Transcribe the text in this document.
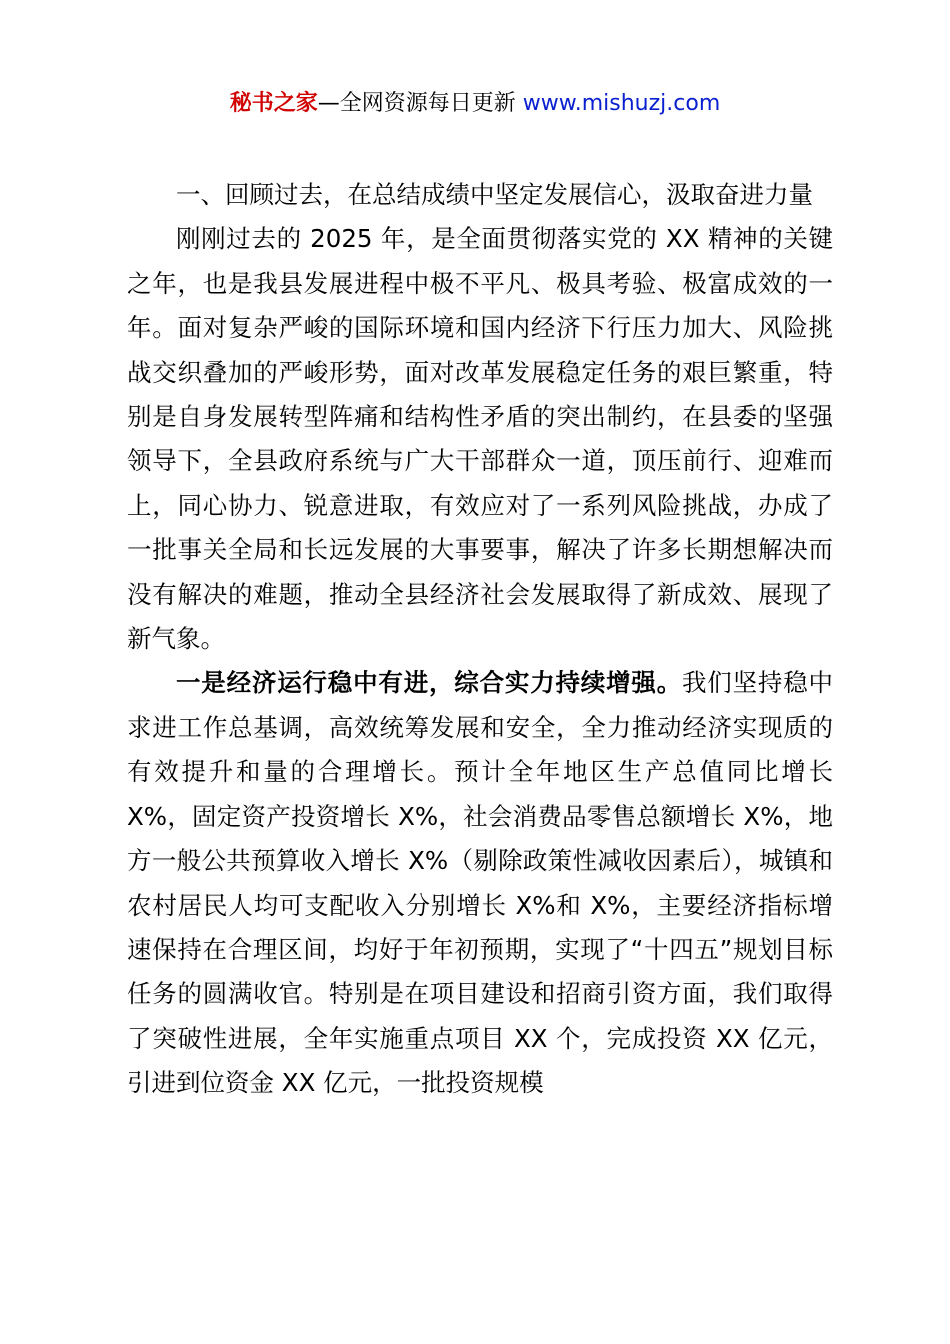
秘书之家—全网资源每日更新 www.mishuzj.com

一、回顾过去，在总结成绩中坚定发展信心，汲取奋进力量

刚刚过去的 2025 年，是全面贯彻落实党的 XX 精神的关键之年，也是我县发展进程中极不平凡、极具考验、极富成效的一年。面对复杂严峻的国际环境和国内经济下行压力加大、风险挑战交织叠加的严峻形势，面对改革发展稳定任务的艰巨繁重，特别是自身发展转型阵痛和结构性矛盾的突出制约，在县委的坚强领导下，全县政府系统与广大干部群众一道，顶压前行、迎难而上，同心协力、锐意进取，有效应对了一系列风险挑战，办成了一批事关全局和长远发展的大事要事，解决了许多长期想解决而没有解决的难题，推动全县经济社会发展取得了新成效、展现了新气象。

一是经济运行稳中有进，综合实力持续增强。我们坚持稳中求进工作总基调，高效统筹发展和安全，全力推动经济实现质的有效提升和量的合理增长。预计全年地区生产总值同比增长 X%，固定资产投资增长 X%，社会消费品零售总额增长 X%，地方一般公共预算收入增长 X%（剔除政策性减收因素后），城镇和农村居民人均可支配收入分别增长 X%和 X%，主要经济指标增速保持在合理区间，均好于年初预期，实现了“十四五”规划目标任务的圆满收官。特别是在项目建设和招商引资方面，我们取得了突破性进展，全年实施重点项目 XX 个，完成投资 XX 亿元，引进到位资金 XX 亿元，一批投资规模
